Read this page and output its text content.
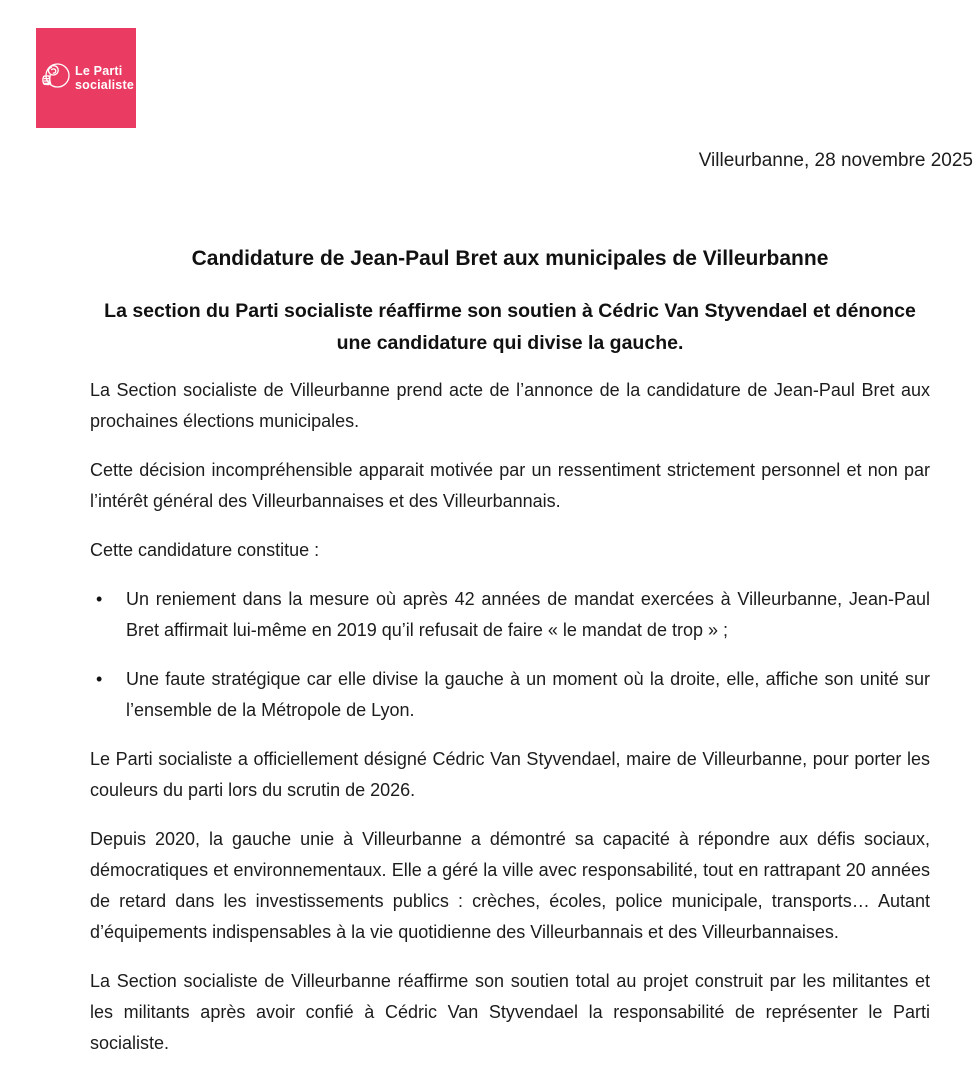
Le Parti
socialiste
Villeurbanne, 28 novembre 2025
Candidature de Jean-Paul Bret aux municipales de Villeurbanne
La section du Parti socialiste réaffirme son soutien à Cédric Van Styvendael et dénonce une candidature qui divise la gauche.

La Section socialiste de Villeurbanne prend acte de l’annonce de la candidature de Jean-Paul Bret aux prochaines élections municipales.

Cette décision incompréhensible apparait motivée par un ressentiment strictement personnel et non par l’intérêt général des Villeurbannaises et des Villeurbannais.

Cette candidature constitue :

• Un reniement dans la mesure où après 42 années de mandat exercées à Villeurbanne, Jean-Paul Bret affirmait lui-même en 2019 qu’il refusait de faire « le mandat de trop » ;
• Une faute stratégique car elle divise la gauche à un moment où la droite, elle, affiche son unité sur l’ensemble de la Métropole de Lyon.

Le Parti socialiste a officiellement désigné Cédric Van Styvendael, maire de Villeurbanne, pour porter les couleurs du parti lors du scrutin de 2026.

Depuis 2020, la gauche unie à Villeurbanne a démontré sa capacité à répondre aux défis sociaux, démocratiques et environnementaux. Elle a géré la ville avec responsabilité, tout en rattrapant 20 années de retard dans les investissements publics : crèches, écoles, police municipale, transports… Autant d’équipements indispensables à la vie quotidienne des Villeurbannais et des Villeurbannaises.

La Section socialiste de Villeurbanne réaffirme son soutien total au projet construit par les militantes et les militants après avoir confié à Cédric Van Styvendael la responsabilité de représenter le Parti socialiste.
